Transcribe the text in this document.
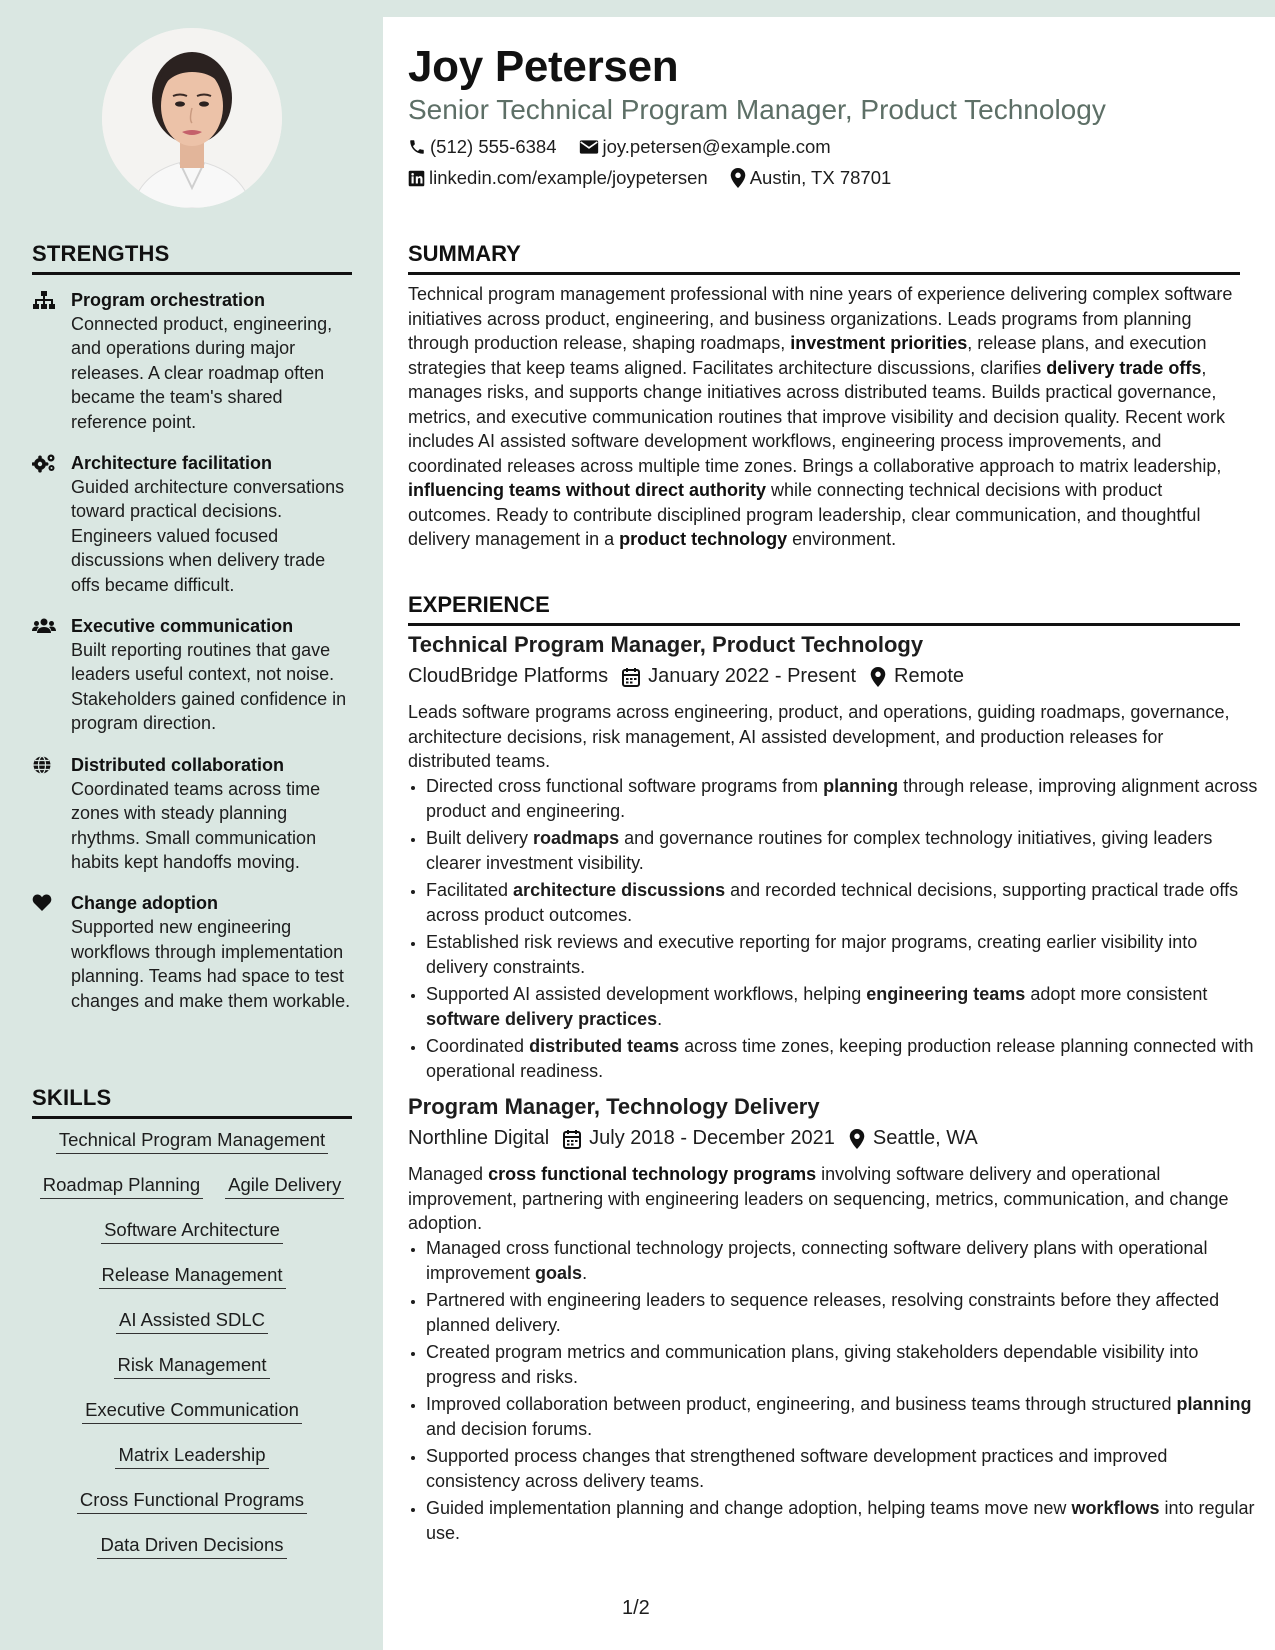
Joy Petersen
Senior Technical Program Manager, Product Technology
(512) 555-6384 joy.petersen@example.com
linkedin.com/example/joypetersen Austin, TX 78701
STRENGTHS
Program orchestration
Connected product, engineering, and operations during major releases. A clear roadmap often became the team's shared reference point.
Architecture facilitation
Guided architecture conversations toward practical decisions. Engineers valued focused discussions when delivery trade offs became difficult.
Executive communication
Built reporting routines that gave leaders useful context, not noise. Stakeholders gained confidence in program direction.
Distributed collaboration
Coordinated teams across time zones with steady planning rhythms. Small communication habits kept handoffs moving.
Change adoption
Supported new engineering workflows through implementation planning. Teams had space to test changes and make them workable.
SKILLS
Technical Program Management
Roadmap Planning Agile Delivery
Software Architecture
Release Management
AI Assisted SDLC
Risk Management
Executive Communication
Matrix Leadership
Cross Functional Programs
Data Driven Decisions
SUMMARY
Technical program management professional with nine years of experience delivering complex software initiatives across product, engineering, and business organizations. Leads programs from planning through production release, shaping roadmaps, investment priorities, release plans, and execution strategies that keep teams aligned. Facilitates architecture discussions, clarifies delivery trade offs, manages risks, and supports change initiatives across distributed teams. Builds practical governance, metrics, and executive communication routines that improve visibility and decision quality. Recent work includes AI assisted software development workflows, engineering process improvements, and coordinated releases across multiple time zones. Brings a collaborative approach to matrix leadership, influencing teams without direct authority while connecting technical decisions with product outcomes. Ready to contribute disciplined program leadership, clear communication, and thoughtful delivery management in a product technology environment.
EXPERIENCE
Technical Program Manager, Product Technology
CloudBridge Platforms January 2022 - Present Remote
Leads software programs across engineering, product, and operations, guiding roadmaps, governance, architecture decisions, risk management, AI assisted development, and production releases for distributed teams.
• Directed cross functional software programs from planning through release, improving alignment across product and engineering.
• Built delivery roadmaps and governance routines for complex technology initiatives, giving leaders clearer investment visibility.
• Facilitated architecture discussions and recorded technical decisions, supporting practical trade offs across product outcomes.
• Established risk reviews and executive reporting for major programs, creating earlier visibility into delivery constraints.
• Supported AI assisted development workflows, helping engineering teams adopt more consistent software delivery practices.
• Coordinated distributed teams across time zones, keeping production release planning connected with operational readiness.
Program Manager, Technology Delivery
Northline Digital July 2018 - December 2021 Seattle, WA
Managed cross functional technology programs involving software delivery and operational improvement, partnering with engineering leaders on sequencing, metrics, communication, and change adoption.
• Managed cross functional technology projects, connecting software delivery plans with operational improvement goals.
• Partnered with engineering leaders to sequence releases, resolving constraints before they affected planned delivery.
• Created program metrics and communication plans, giving stakeholders dependable visibility into progress and risks.
• Improved collaboration between product, engineering, and business teams through structured planning and decision forums.
• Supported process changes that strengthened software development practices and improved consistency across delivery teams.
• Guided implementation planning and change adoption, helping teams move new workflows into regular use.
1/2
